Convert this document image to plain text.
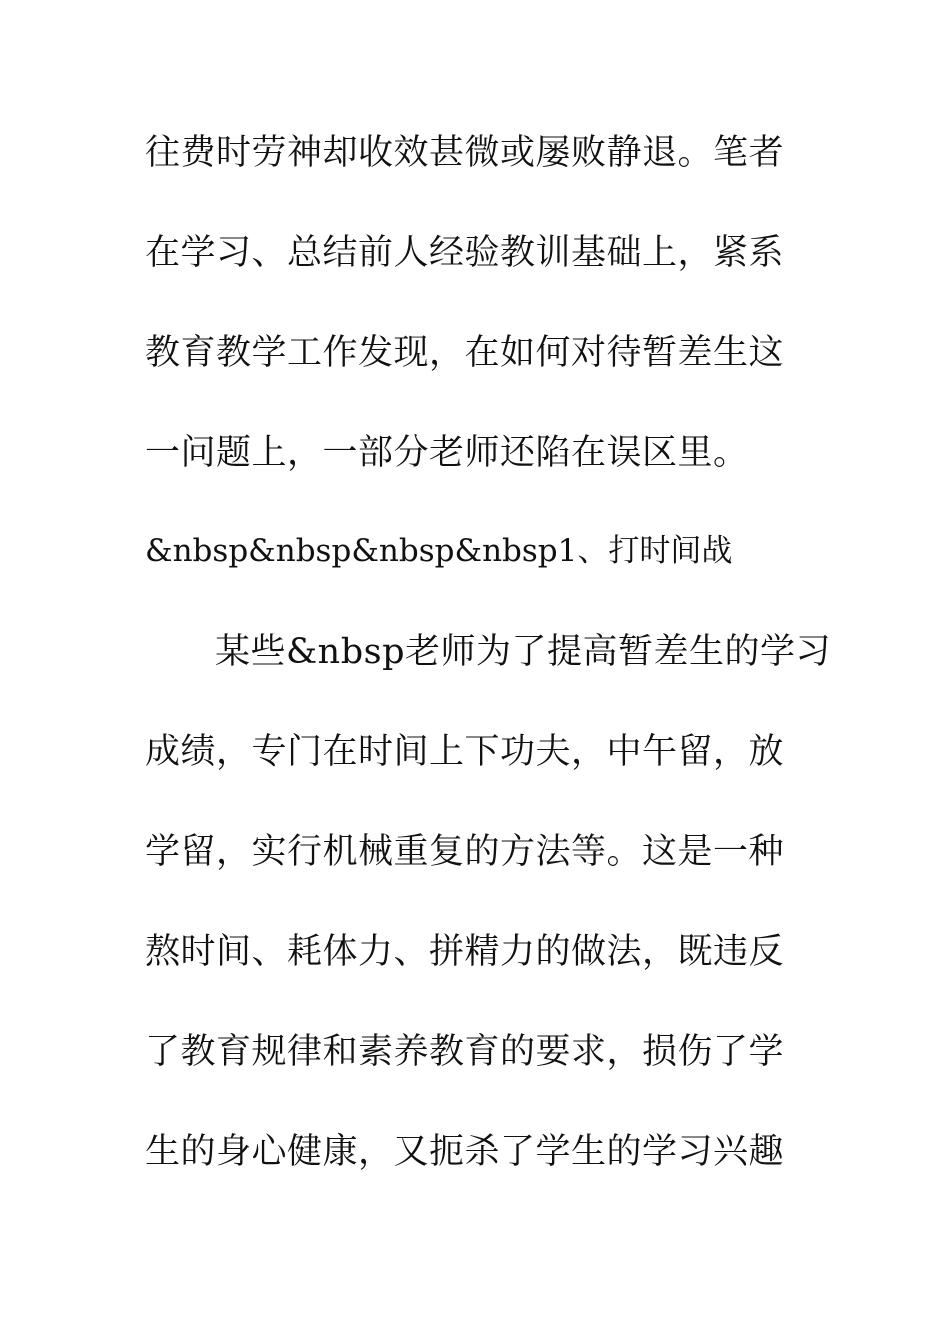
往费时劳神却收效甚微或屡败静退。笔者
在学习、总结前人经验教训基础上，紧系
教育教学工作发现，在如何对待暂差生这
一问题上，一部分老师还陷在误区里。
&nbsp&nbsp&nbsp&nbsp1、打时间战
某些&nbsp老师为了提高暂差生的学习
成绩，专门在时间上下功夫，中午留，放
学留，实行机械重复的方法等。这是一种
熬时间、耗体力、拼精力的做法，既违反
了教育规律和素养教育的要求，损伤了学
生的身心健康，又扼杀了学生的学习兴趣
